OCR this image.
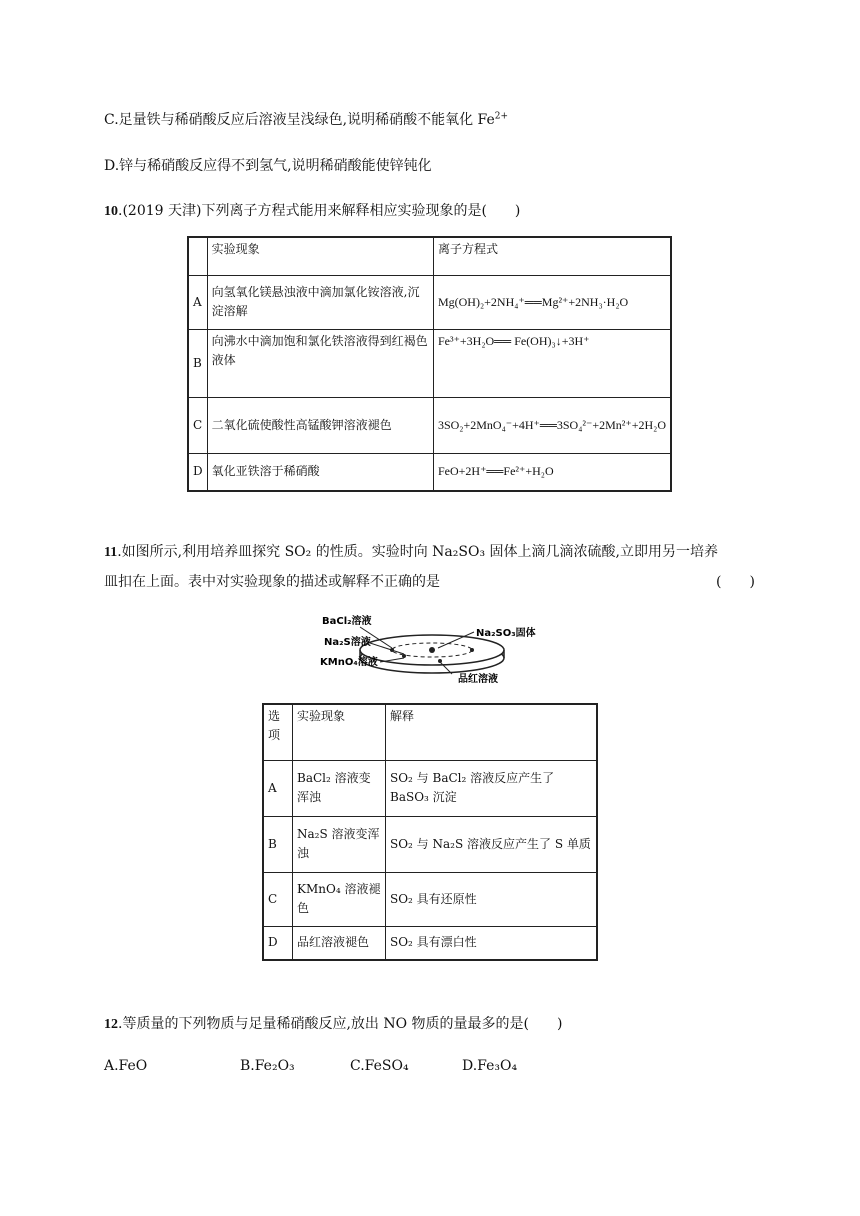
C.足量铁与稀硝酸反应后溶液呈浅绿色,说明稀硝酸不能氧化 $Fe^{2+}$
D.锌与稀硝酸反应得不到氢气,说明稀硝酸能使锌钝化
10.(2019 天津)下列离子方程式能用来解释相应实验现象的是(　　)
	实验现象	离子方程式
A	向氢氧化镁悬浊液中滴加氯化铵溶液,沉淀溶解	Mg(OH)₂+2NH₄⁺══Mg²⁺+2NH₃·H₂O
B	向沸水中滴加饱和氯化铁溶液得到红褐色液体	Fe³⁺+3H₂O══ Fe(OH)₃↓+3H⁺
C	二氧化硫使酸性高锰酸钾溶液褪色	3SO₂+2MnO₄⁻+4H⁺══3SO₄²⁻+2Mn²⁺+2H₂O
D	氧化亚铁溶于稀硝酸	FeO+2H⁺══Fe²⁺+H₂O
11.如图所示,利用培养皿探究 SO₂ 的性质。实验时向 Na₂SO₃ 固体上滴几滴浓硫酸,立即用另一培养
皿扣在上面。表中对实验现象的描述或解释不正确的是	(　　)
BaCl₂溶液
Na₂S溶液
KMnO₄溶液
Na₂SO₃固体
品红溶液
选项	实验现象	解释
A	BaCl₂ 溶液变浑浊	SO₂ 与 BaCl₂ 溶液反应产生了 BaSO₃ 沉淀
B	Na₂S 溶液变浑浊	SO₂ 与 Na₂S 溶液反应产生了 S 单质
C	KMnO₄ 溶液褪色	SO₂ 具有还原性
D	品红溶液褪色	SO₂ 具有漂白性
12.等质量的下列物质与足量稀硝酸反应,放出 NO 物质的量最多的是(　　)
A.FeO	B.Fe₂O₃	C.FeSO₄	D.Fe₃O₄
